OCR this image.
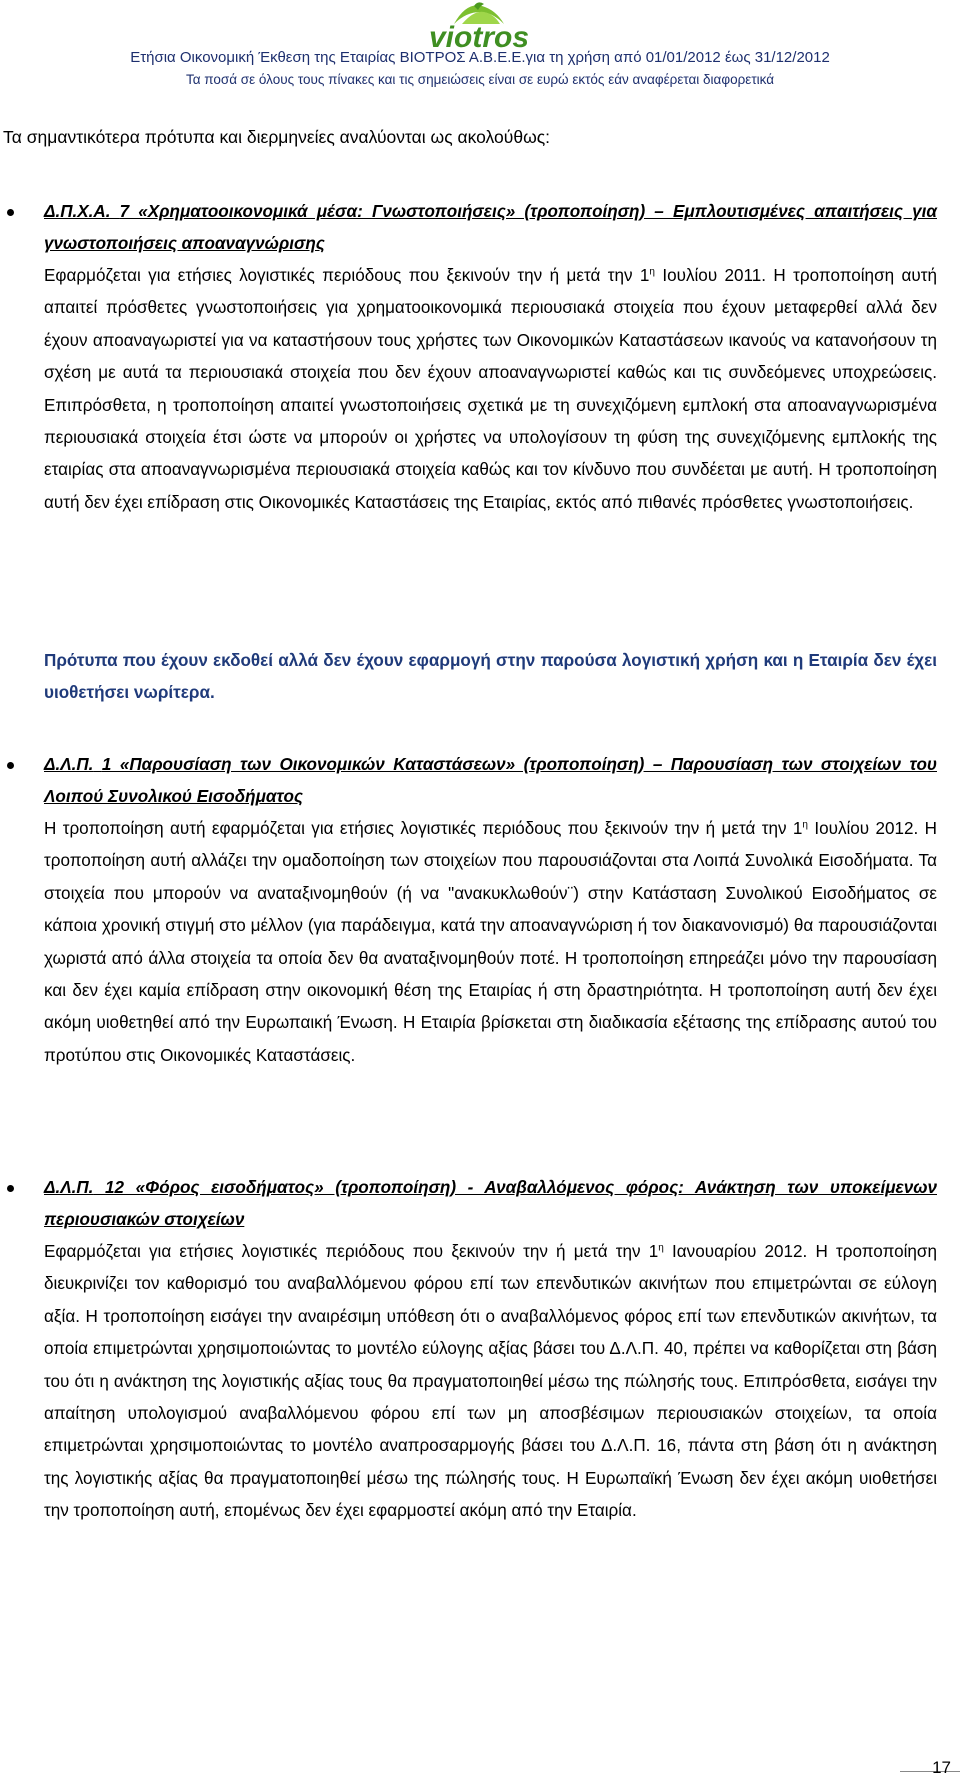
viotros
Ετήσια Οικονομική Έκθεση της Εταιρίας ΒΙΟΤΡΟΣ Α.Β.Ε.Ε.για τη χρήση από 01/01/2012 έως 31/12/2012
Τα ποσά σε όλους τους πίνακες και τις σημειώσεις είναι σε ευρώ εκτός εάν αναφέρεται διαφορετικά
Τα σημαντικότερα πρότυπα και διερμηνείες αναλύονται ως ακολούθως:
Δ.Π.Χ.Α. 7 «Χρηματοοικονομικά μέσα: Γνωστοποιήσεις» (τροποποίηση) – Εμπλουτισμένες απαιτήσεις για γνωστοποιήσεις αποαναγνώρισης

Εφαρμόζεται για ετήσιες λογιστικές περιόδους που ξεκινούν την ή μετά την $1^\eta$ Ιουλίου 2011. Η τροποποίηση αυτή απαιτεί πρόσθετες γνωστοποιήσεις για χρηματοοικονομικά περιουσιακά στοιχεία που έχουν μεταφερθεί αλλά δεν έχουν αποαναγωριστεί για να καταστήσουν τους χρήστες των Οικονομικών Καταστάσεων ικανούς να κατανοήσουν τη σχέση με αυτά τα περιουσιακά στοιχεία που δεν έχουν αποαναγνωριστεί καθώς και τις συνδεόμενες υποχρεώσεις. Επιπρόσθετα, η τροποποίηση απαιτεί γνωστοποιήσεις σχετικά με τη συνεχιζόμενη εμπλοκή στα αποαναγνωρισμένα περιουσιακά στοιχεία έτσι ώστε να μπορούν οι χρήστες να υπολογίσουν τη φύση της συνεχιζόμενης εμπλοκής της εταιρίας στα αποαναγνωρισμένα περιουσιακά στοιχεία καθώς και τον κίνδυνο που συνδέεται με αυτή. Η τροποποίηση αυτή δεν έχει επίδραση στις Οικονομικές Καταστάσεις της Εταιρίας, εκτός από πιθανές πρόσθετες γνωστοποιήσεις.

Πρότυπα που έχουν εκδοθεί αλλά δεν έχουν εφαρμογή στην παρούσα λογιστική χρήση και η Εταιρία δεν έχει υιοθετήσει νωρίτερα.
Δ.Λ.Π. 1 «Παρουσίαση των Οικονομικών Καταστάσεων» (τροποποίηση) – Παρουσίαση των στοιχείων του Λοιπού Συνολικού Εισοδήματος

Η τροποποίηση αυτή εφαρμόζεται για ετήσιες λογιστικές περιόδους που ξεκινούν την ή μετά την $1^\eta$ Ιουλίου 2012. Η τροποποίηση αυτή αλλάζει την ομαδοποίηση των στοιχείων που παρουσιάζονται στα Λοιπά Συνολικά Εισοδήματα. Τα στοιχεία που μπορούν να αναταξινομηθούν (ή να "ανακυκλωθούν¨) στην Κατάσταση Συνολικού Εισοδήματος σε κάποια χρονική στιγμή στο μέλλον (για παράδειγμα, κατά την αποαναγνώριση ή τον διακανονισμό) θα παρουσιάζονται χωριστά από άλλα στοιχεία τα οποία δεν θα αναταξινομηθούν ποτέ. Η τροποποίηση επηρεάζει μόνο την παρουσίαση και δεν έχει καμία επίδραση στην οικονομική θέση της Εταιρίας ή στη δραστηριότητα. Η τροποποίηση αυτή δεν έχει ακόμη υιοθετηθεί από την Ευρωπαική Ένωση. Η Εταιρία βρίσκεται στη διαδικασία εξέτασης της επίδρασης αυτού του προτύπου στις Οικονομικές Καταστάσεις.

Δ.Λ.Π. 12 «Φόρος εισοδήματος» (τροποποίηση) - Αναβαλλόμενος φόρος: Ανάκτηση των υποκείμενων περιουσιακών στοιχείων

Εφαρμόζεται για ετήσιες λογιστικές περιόδους που ξεκινούν την ή μετά την $1^\eta$ Ιανουαρίου 2012. Η τροποποίηση διευκρινίζει τον καθορισμό του αναβαλλόμενου φόρου επί των επενδυτικών ακινήτων που επιμετρώνται σε εύλογη αξία. Η τροποποίηση εισάγει την αναιρέσιμη υπόθεση ότι ο αναβαλλόμενος φόρος επί των επενδυτικών ακινήτων, τα οποία επιμετρώνται χρησιμοποιώντας το μοντέλο εύλογης αξίας βάσει του Δ.Λ.Π. 40, πρέπει να καθορίζεται στη βάση του ότι η ανάκτηση της λογιστικής αξίας τους θα πραγματοποιηθεί μέσω της πώλησής τους. Επιπρόσθετα, εισάγει την απαίτηση υπολογισμού αναβαλλόμενου φόρου επί των μη αποσβέσιμων περιουσιακών στοιχείων, τα οποία επιμετρώνται χρησιμοποιώντας το μοντέλο αναπροσαρμογής βάσει του Δ.Λ.Π. 16, πάντα στη βάση ότι η ανάκτηση της λογιστικής αξίας θα πραγματοποιηθεί μέσω της πώλησής τους. Η Ευρωπαϊκή Ένωση δεν έχει ακόμη υιοθετήσει την τροποποίηση αυτή, επομένως δεν έχει εφαρμοστεί ακόμη από την Εταιρία.

17
